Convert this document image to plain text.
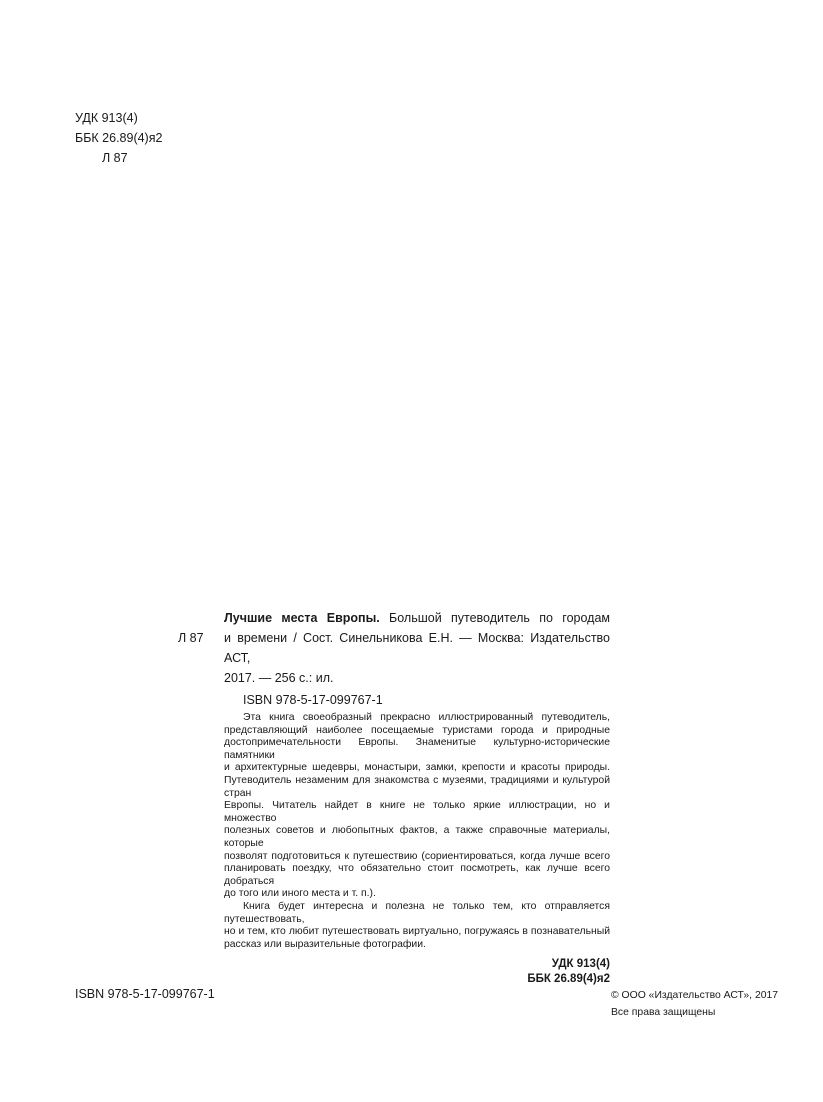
УДК 913(4)
ББК 26.89(4)я2
Л 87
Л 87
Лучшие места Европы. Большой путеводитель по городам
и времени / Сост. Синельникова Е.Н. — Москва: Издательство АСТ,
2017. — 256 с.: ил.
ISBN 978-5-17-099767-1
Эта книга своеобразный прекрасно иллюстрированный путеводитель,
представляющий наиболее посещаемые туристами города и природные
достопримечательности Европы. Знаменитые культурно-исторические памятники
и архитектурные шедевры, монастыри, замки, крепости и красоты природы.
Путеводитель незаменим для знакомства с музеями, традициями и культурой стран
Европы. Читатель найдет в книге не только яркие иллюстрации, но и множество
полезных советов и любопытных фактов, а также справочные материалы, которые
позволят подготовиться к путешествию (сориентироваться, когда лучше всего
планировать поездку, что обязательно стоит посмотреть, как лучше всего добраться
до того или иного места и т. п.).
Книга будет интересна и полезна не только тем, кто отправляется путешествовать,
но и тем, кто любит путешествовать виртуально, погружаясь в познавательный
рассказ или выразительные фотографии.
УДК 913(4)
ББК 26.89(4)я2
ISBN 978-5-17-099767-1	© ООО «Издательство АСТ», 2017
Все права защищены
